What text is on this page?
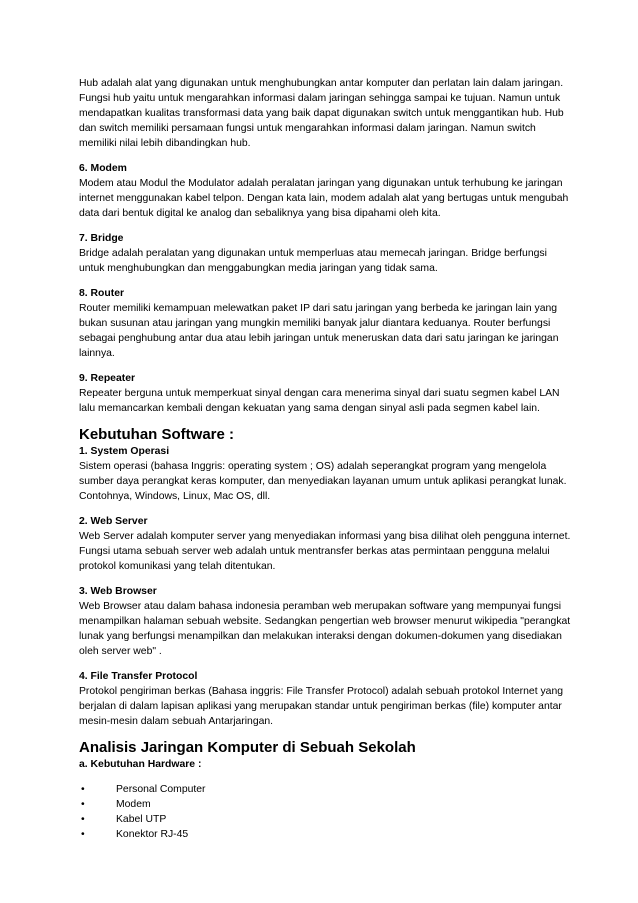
Hub adalah alat yang digunakan untuk menghubungkan antar komputer dan perlatan lain dalam jaringan. Fungsi hub yaitu untuk mengarahkan informasi dalam jaringan sehingga sampai ke tujuan. Namun untuk mendapatkan kualitas transformasi data yang baik dapat digunakan switch untuk menggantikan hub. Hub dan switch memiliki persamaan fungsi untuk mengarahkan informasi dalam jaringan. Namun switch memiliki nilai lebih dibandingkan hub.

6. Modem

Modem atau Modul the Modulator adalah peralatan jaringan yang digunakan untuk terhubung ke jaringan internet menggunakan kabel telpon. Dengan kata lain, modem adalah alat yang bertugas untuk mengubah data dari bentuk digital ke analog dan sebaliknya yang bisa dipahami oleh kita.

7. Bridge

Bridge adalah peralatan yang digunakan untuk memperluas atau memecah jaringan. Bridge berfungsi untuk menghubungkan dan menggabungkan media jaringan yang tidak sama.

8. Router

Router memiliki kemampuan melewatkan paket IP dari satu jaringan yang berbeda ke jaringan lain yang bukan susunan atau jaringan yang mungkin memiliki banyak jalur diantara keduanya. Router berfungsi sebagai penghubung antar dua atau lebih jaringan untuk meneruskan data dari satu jaringan ke jaringan lainnya.

9. Repeater

Repeater berguna untuk memperkuat sinyal dengan cara menerima sinyal dari suatu segmen kabel LAN lalu memancarkan kembali dengan kekuatan yang sama dengan sinyal asli pada segmen kabel lain.

Kebutuhan Software :

1. System Operasi

Sistem operasi (bahasa Inggris: operating system ; OS) adalah seperangkat program yang mengelola sumber daya perangkat keras komputer, dan menyediakan layanan umum untuk aplikasi perangkat lunak. Contohnya, Windows, Linux, Mac OS, dll.

2. Web Server

Web Server adalah komputer server yang menyediakan informasi yang bisa dilihat oleh pengguna internet. Fungsi utama sebuah server web adalah untuk mentransfer berkas atas permintaan pengguna melalui protokol komunikasi yang telah ditentukan.

3. Web Browser

Web Browser atau dalam bahasa indonesia peramban web merupakan software yang mempunyai fungsi menampilkan halaman sebuah website. Sedangkan pengertian web browser menurut wikipedia "perangkat lunak yang berfungsi menampilkan dan melakukan interaksi dengan dokumen-dokumen yang disediakan oleh server web" .

4. File Transfer Protocol

Protokol pengiriman berkas (Bahasa inggris: File Transfer Protocol) adalah sebuah protokol Internet yang berjalan di dalam lapisan aplikasi yang merupakan standar untuk pengiriman berkas (file) komputer antar mesin-mesin dalam sebuah Antarjaringan.

Analisis Jaringan Komputer di Sebuah Sekolah

a. Kebutuhan Hardware :

•	Personal Computer
•	Modem
•	Kabel UTP
•	Konektor RJ-45
